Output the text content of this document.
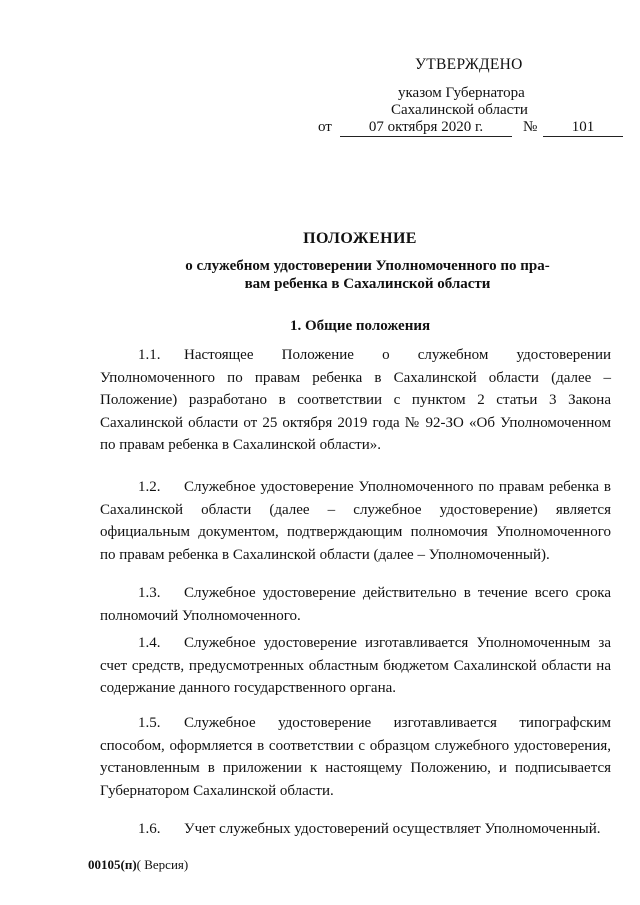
УТВЕРЖДЕНО
указом Губернатора
Сахалинской области
от	07 октября 2020 г.	№	101
ПОЛОЖЕНИЕ
о служебном удостоверении Уполномоченного по пра-
вам ребенка в Сахалинской области
1. Общие положения
1.1. Настоящее Положение о служебном удостоверении Уполномоченного по правам ребенка в Сахалинской области (далее – Положение) разработано в соответствии с пунктом 2 статьи 3 Закона Сахалинской области от 25 октября 2019 года № 92-ЗО «Об Уполномоченном по правам ребенка в Сахалинской области».
1.2. Служебное удостоверение Уполномоченного по правам ребенка в Сахалинской области (далее – служебное удостоверение) является официальным документом, подтверждающим полномочия Уполномоченного по правам ребенка в Сахалинской области (далее – Уполномоченный).
1.3. Служебное удостоверение действительно в течение всего срока полномочий Уполномоченного.
1.4. Служебное удостоверение изготавливается Уполномоченным за счет средств, предусмотренных областным бюджетом Сахалинской области на содержание данного государственного органа.
1.5. Служебное удостоверение изготавливается типографским способом, оформляется в соответствии с образцом служебного удостоверения, установленным в приложении к настоящему Положению, и подписывается Губернатором Сахалинской области.
1.6. Учет служебных удостоверений осуществляет Уполномоченный.
00105(п)( Версия)
